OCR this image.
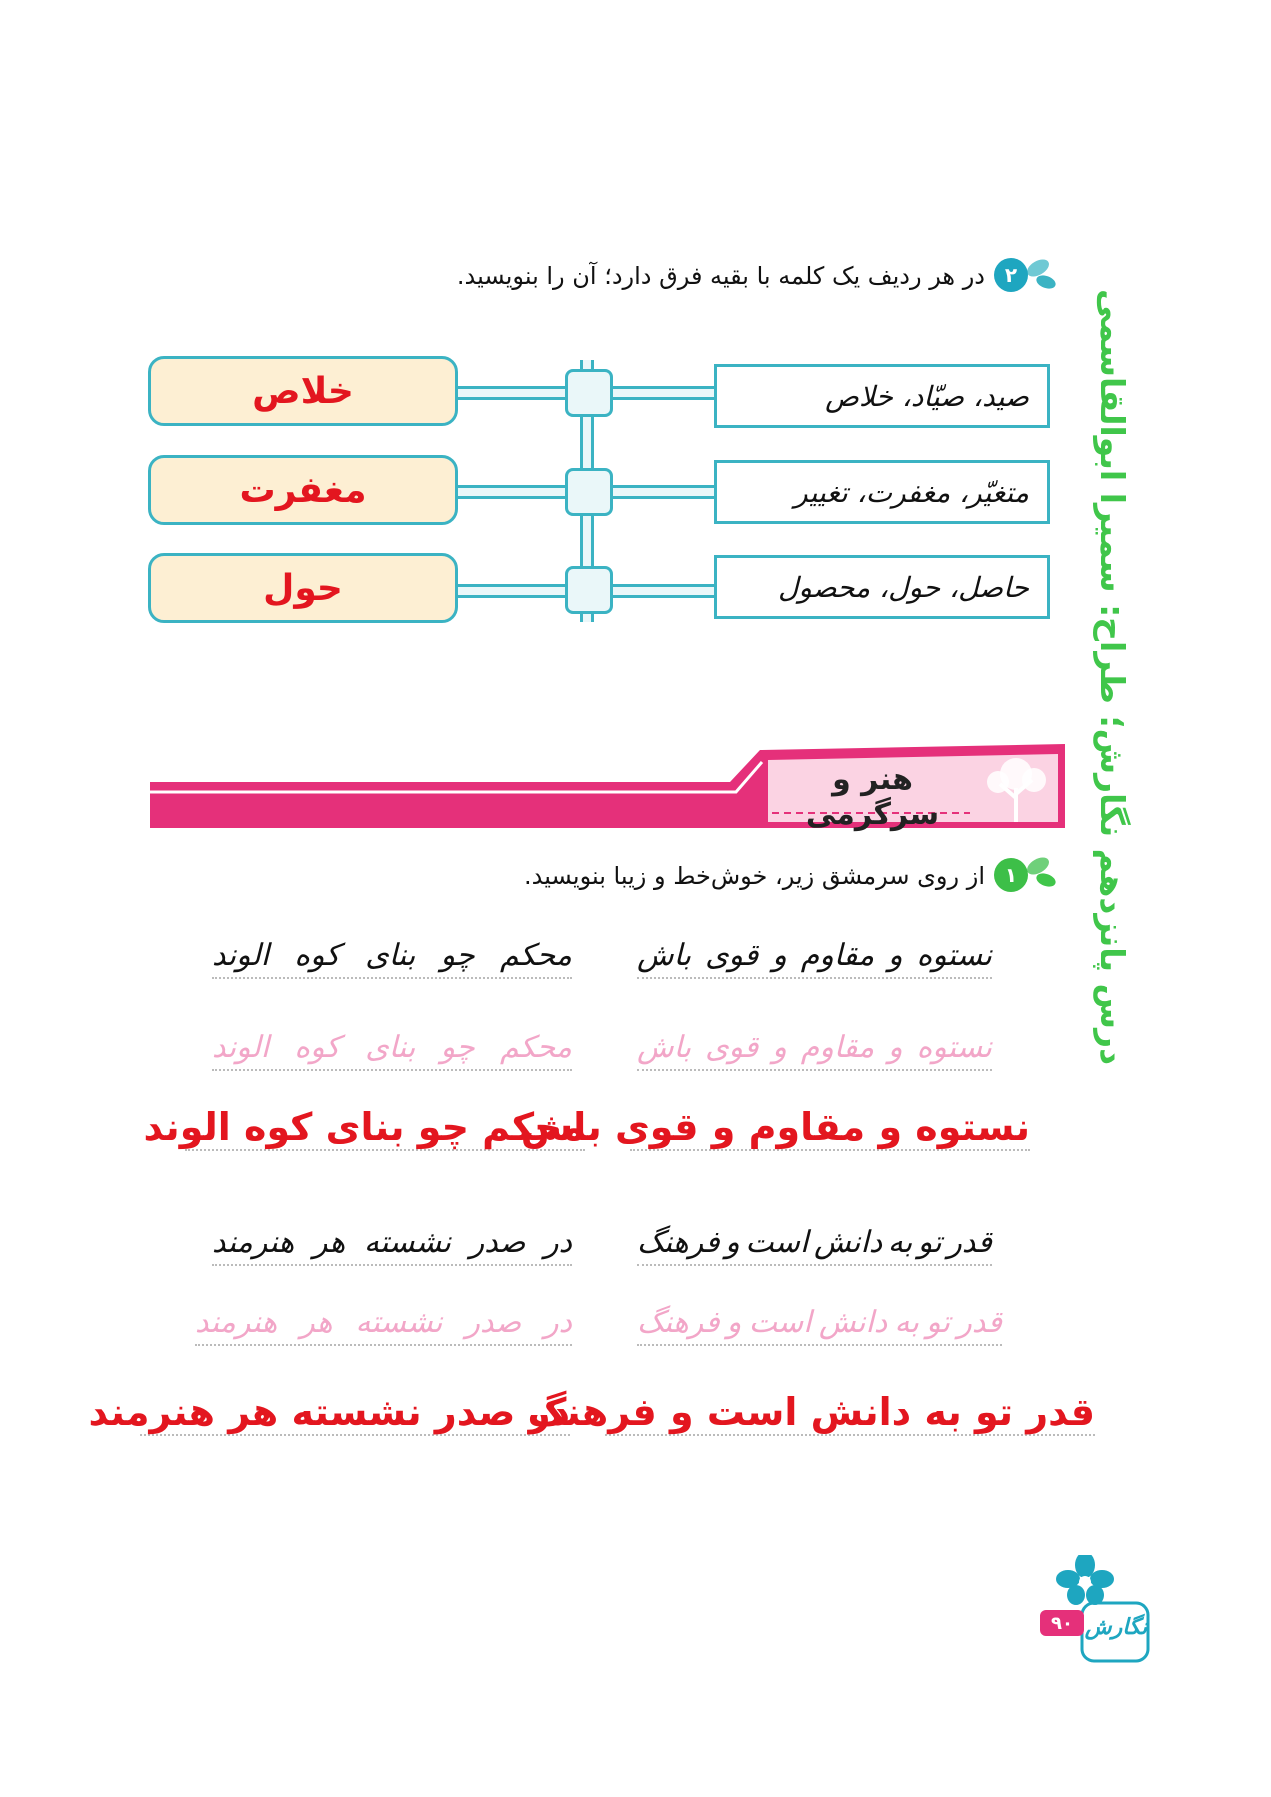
۲
در هر ردیف یک کلمه با بقیه فرق دارد؛ آن را بنویسید.
خلاص	صید، صیّاد، خلاص
مغفرت	متغیّر، مغفرت، تغییر
حول	حاصل، حول، محصول
هنر و سرگرمی
۱
از روی سرمشق زیر، خوش‌خط و زیبا بنویسید.
باش قوی و مقاوم و نستوه
الوند کوه بنای چو محکم
باش قوی و مقاوم و نستوه
الوند کوه بنای چو محکم
نستوه و مقاوم و قوی باش
محکم چو بنای کوه الوند
فرهنگ و است دانش به تو قدر
هنرمند هر نشسته صدر در
فرهنگ و است دانش به تو قدر
هنرمند هر نشسته صدر در
قدر تو به دانش است و فرهنگ
در صدر نشسته هر هنرمند
درس پانزدهم نگارش؛ طراح: سمیرا ابوالقاسمی
۹۰ نگارش
